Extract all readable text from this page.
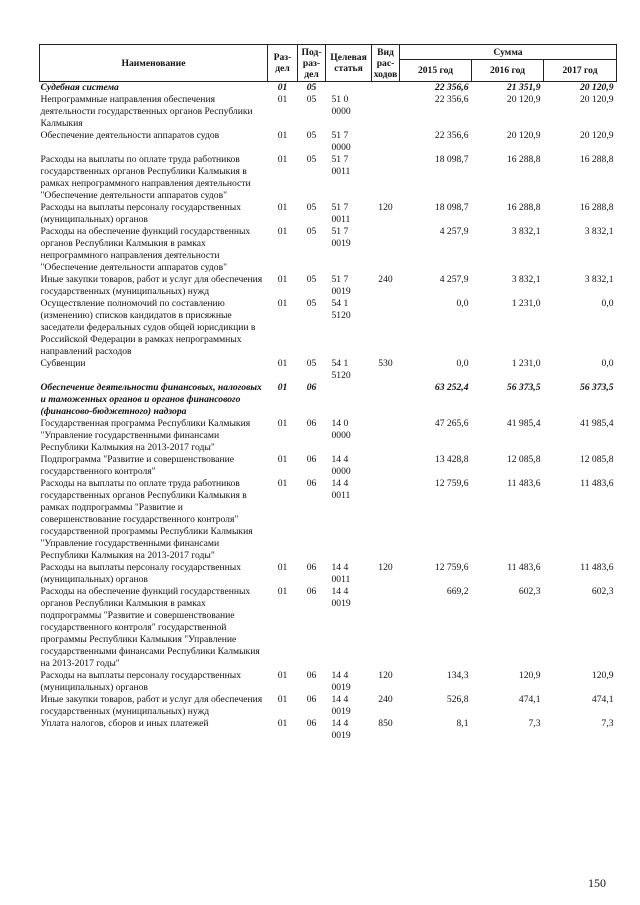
Наименование	Раз-дел	Под-раз-дел	Целевая статья	Вид рас-ходов	Сумма		
					2015 год	2016 год	2017 год
Судебная система	01	05			22 356,6	21 351,9	20 120,9
Непрограммные направления обеспечения деятельности государственных органов Республики Калмыкия	01	05	51 0 0000		22 356,6	20 120,9	20 120,9
Обеспечение деятельности аппаратов судов	01	05	51 7 0000		22 356,6	20 120,9	20 120,9
Расходы на выплаты по оплате труда работников государственных органов Республики Калмыкия в рамках непрограммного направления деятельности "Обеспечение деятельности аппаратов судов"	01	05	51 7 0011		18 098,7	16 288,8	16 288,8
Расходы на выплаты персоналу государственных (муниципальных) органов	01	05	51 7 0011	120	18 098,7	16 288,8	16 288,8
Расходы на обеспечение функций государственных органов Республики Калмыкия в рамках непрограммного направления деятельности "Обеспечение деятельности аппаратов судов"	01	05	51 7 0019		4 257,9	3 832,1	3 832,1
Иные закупки товаров, работ и услуг для обеспечения государственных (муниципальных) нужд	01	05	51 7 0019	240	4 257,9	3 832,1	3 832,1
Осуществление полномочий по составлению (изменению) списков кандидатов в присяжные заседатели федеральных судов общей юрисдикции в Российской Федерации в рамках непрограммных направлений расходов	01	05	54 1 5120		0,0	1 231,0	0,0
Субвенции	01	05	54 1 5120	530	0,0	1 231,0	0,0
Обеспечение деятельности финансовых, налоговых и таможенных органов и органов финансового (финансово-бюджетного) надзора	01	06			63 252,4	56 373,5	56 373,5
Государственная программа Республики Калмыкия "Управление государственными финансами Республики Калмыкия на 2013-2017 годы"	01	06	14 0 0000		47 265,6	41 985,4	41 985,4
Подпрограмма "Развитие и совершенствование государственного контроля"	01	06	14 4 0000		13 428,8	12 085,8	12 085,8
Расходы на выплаты по оплате труда работников государственных органов Республики Калмыкия в рамках подпрограммы "Развитие и совершенствование государственного контроля" государственной программы Республики Калмыкия "Управление государственными финансами Республики Калмыкия на 2013-2017 годы"	01	06	14 4 0011		12 759,6	11 483,6	11 483,6
Расходы на выплаты персоналу государственных (муниципальных) органов	01	06	14 4 0011	120	12 759,6	11 483,6	11 483,6
Расходы на обеспечение функций государственных органов Республики Калмыкия в рамках подпрограммы "Развитие и совершенствование государственного контроля" государственной программы Республики Калмыкия "Управление государственными финансами Республики Калмыкия на 2013-2017 годы"	01	06	14 4 0019		669,2	602,3	602,3
Расходы на выплаты персоналу государственных (муниципальных) органов	01	06	14 4 0019	120	134,3	120,9	120,9
Иные закупки товаров, работ и услуг для обеспечения государственных (муниципальных) нужд	01	06	14 4 0019	240	526,8	474,1	474,1
Уплата налогов, сборов и иных платежей	01	06	14 4 0019	850	8,1	7,3	7,3
150
